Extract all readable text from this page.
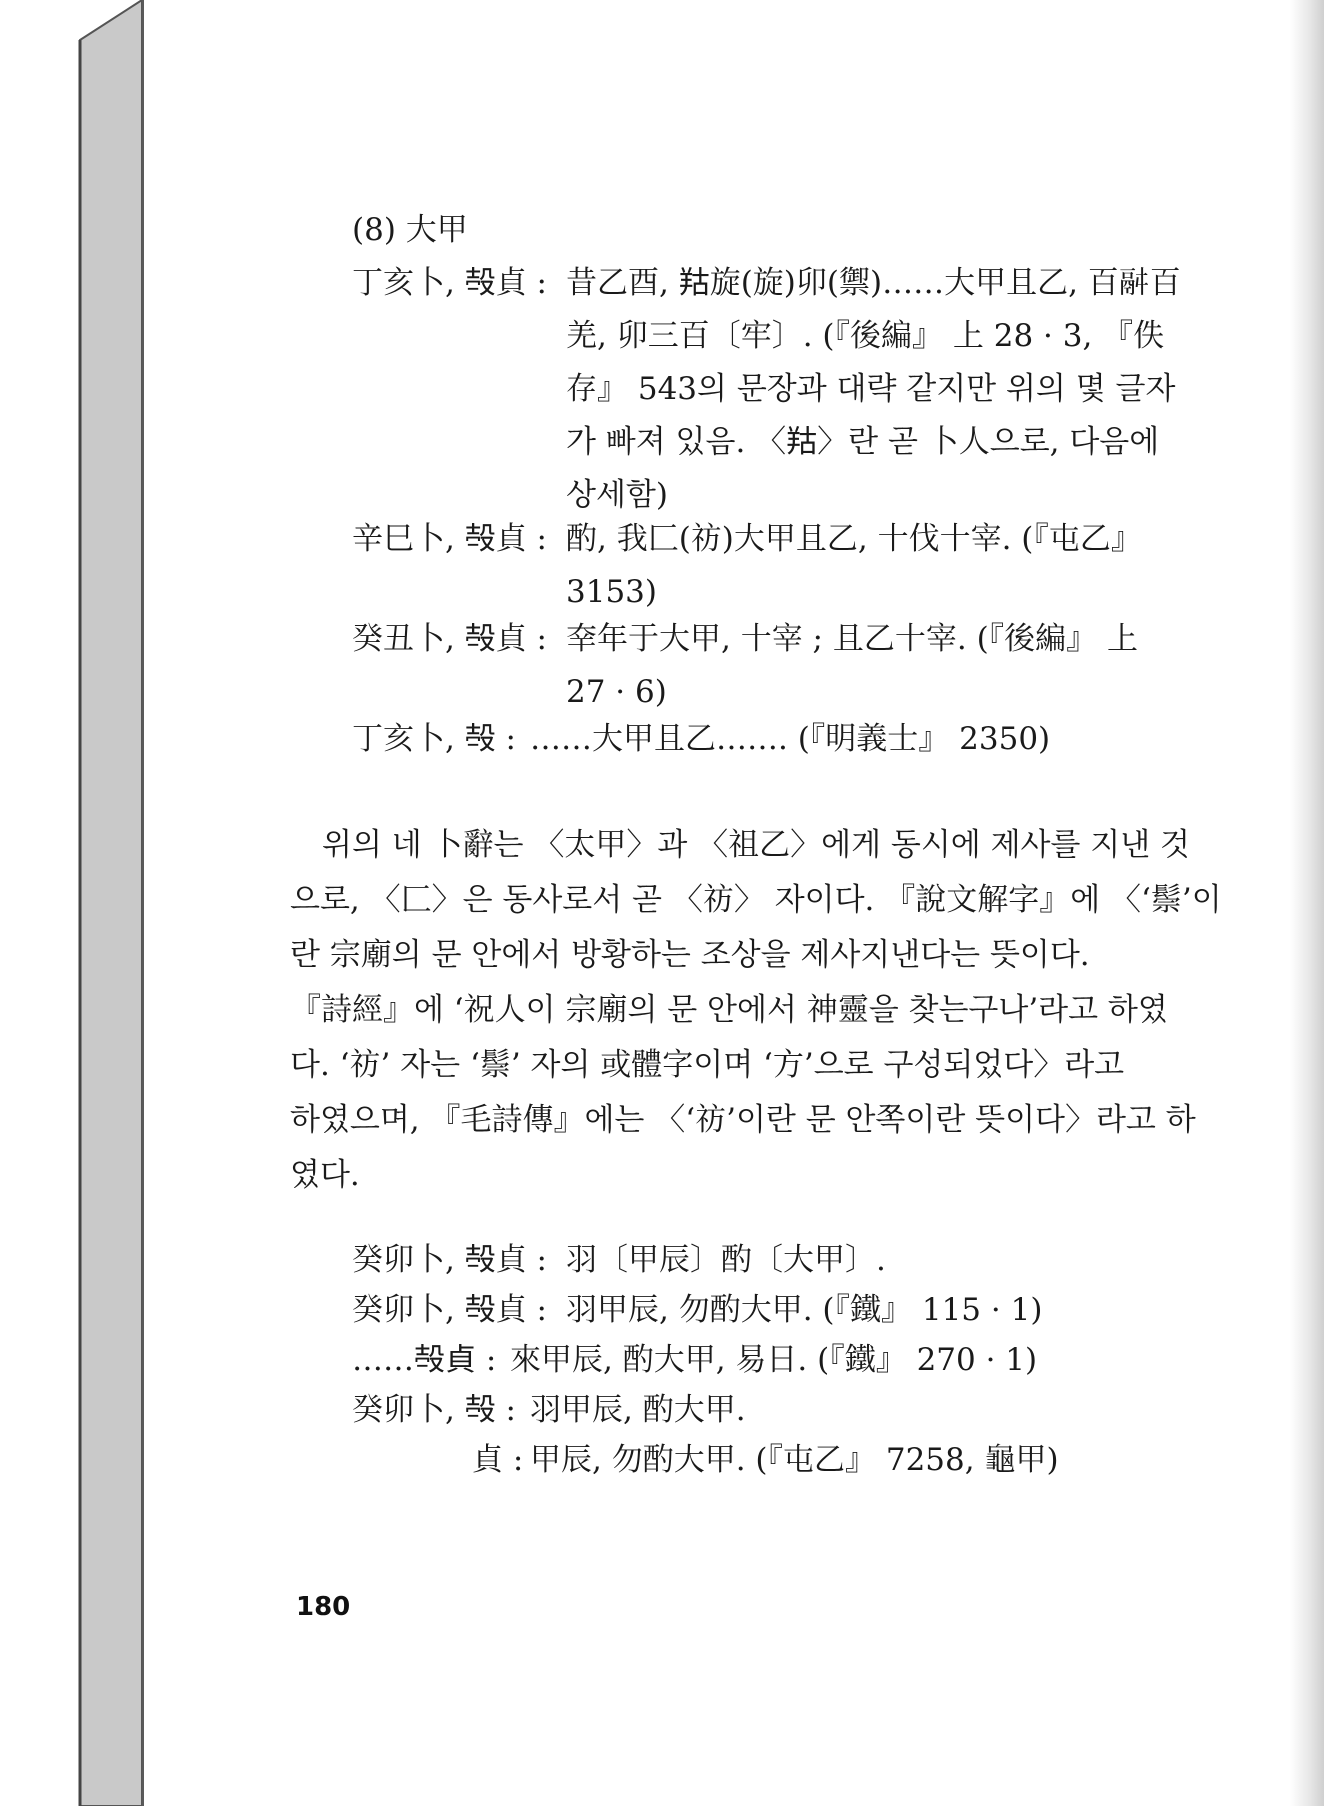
(8) 大甲
丁亥卜, 𣪊貞 : 昔乙酉, 𦍩旋(旋)卯(禦)……大甲且乙, 百𩰫百
羌, 卯三百〔牢〕. (『後編』 上 28 · 3, 『佚
存』 543의 문장과 대략 같지만 위의 몇 글자
가 빠져 있음. 〈𦍩〉란 곧 卜人으로, 다음에
상세함)
辛巳卜, 𣪊貞 : 酌, 我匚(祊)大甲且乙, 十伐十宰. (『屯乙』
3153)
癸丑卜, 𣪊貞 : 㚔年于大甲, 十宰 ; 且乙十宰. (『後編』 上
27 · 6)
丁亥卜, 𣪊 : ……大甲且乙……. (『明義士』 2350)
위의 네 卜辭는 〈太甲〉과 〈祖乙〉에게 동시에 제사를 지낸 것
으로, 〈匚〉은 동사로서 곧 〈祊〉 자이다. 『說文解字』에 〈‘鬃’이
란 宗廟의 문 안에서 방황하는 조상을 제사지낸다는 뜻이다.
『詩經』에 ‘祝人이 宗廟의 문 안에서 神靈을 찾는구나’라고 하였
다. ‘祊’ 자는 ‘鬃’ 자의 或體字이며 ‘方’으로 구성되었다〉라고
하였으며, 『毛詩傳』에는 〈‘祊’이란 문 안쪽이란 뜻이다〉라고 하
였다.
癸卯卜, 𣪊貞 : 羽〔甲辰〕酌〔大甲〕.
癸卯卜, 𣪊貞 : 羽甲辰, 勿酌大甲. (『鐵』 115 · 1)
……𣪊貞 : 來甲辰, 酌大甲, 易日. (『鐵』 270 · 1)
癸卯卜, 𣪊 : 羽甲辰, 酌大甲.
貞 : 甲辰, 勿酌大甲. (『屯乙』 7258, 龜甲)
180
